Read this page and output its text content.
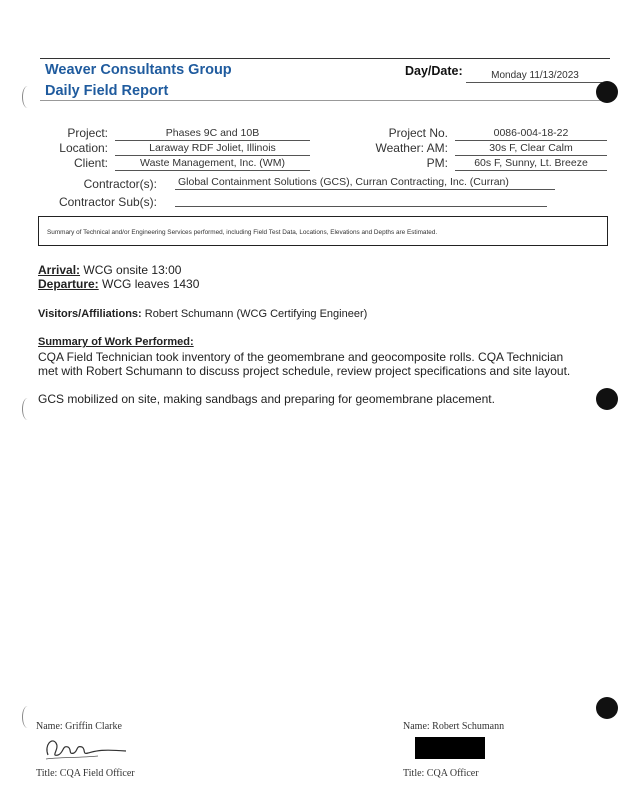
Weaver Consultants Group
Daily Field Report
Day/Date:	Monday 11/13/2023
Project:	Phases 9C and 10B
Location:	Laraway RDF Joliet, Illinois
Client:	Waste Management, Inc. (WM)
Project No.	0086-004-18-22
Weather: AM:	30s F, Clear Calm
PM:	60s F, Sunny, Lt. Breeze
Contractor(s): Global Containment Solutions (GCS), Curran Contracting, Inc. (Curran)
Contractor Sub(s):
Summary of Technical and/or Engineering Services performed, including Field Test Data, Locations, Elevations and Depths are Estimated.
Arrival: WCG onsite 13:00
Departure: WCG leaves 1430
Visitors/Affiliations: Robert Schumann (WCG Certifying Engineer)
Summary of Work Performed:
CQA Field Technician took inventory of the geomembrane and geocomposite rolls. CQA Technician
met with Robert Schumann to discuss project schedule, review project specifications and site layout.
GCS mobilized on site, making sandbags and preparing for geomembrane placement.
Name: Griffin Clarke
Title: CQA Field Officer
Name: Robert Schumann
Title: CQA Officer
